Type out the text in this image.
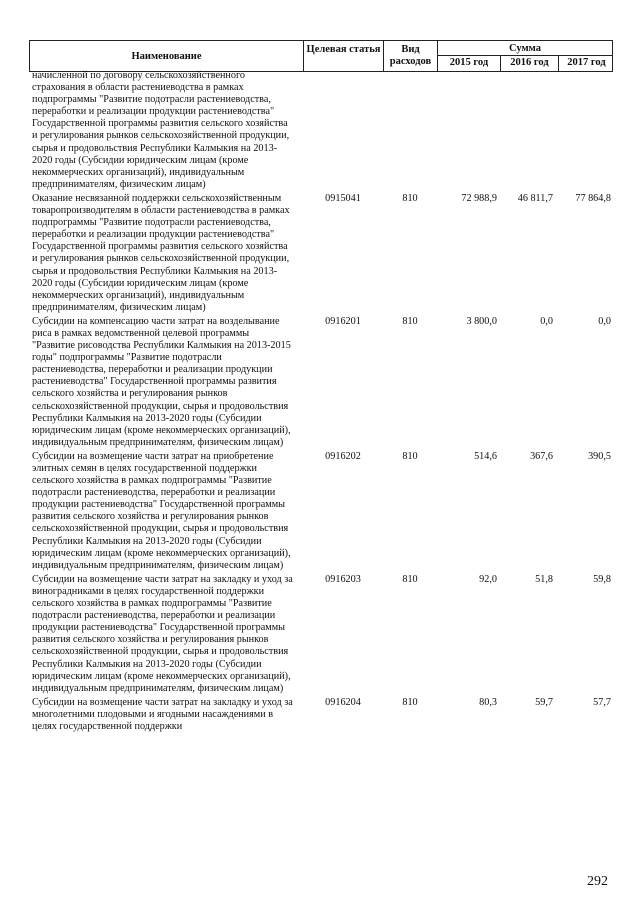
Наименование
Целевая статья	Вид расходов
Сумма
2015 год	2016 год	2017 год
начисленной по договору сельскохозяйственного страхования в области растениеводства в рамках подпрограммы "Развитие подотрасли растениеводства, переработки и реализации продукции растениеводства" Государственной программы развития сельского хозяйства и регулирования рынков сельскохозяйственной продукции, сырья и продовольствия Республики Калмыкия на 2013-2020 годы (Субсидии юридическим лицам (кроме некоммерческих организаций), индивидуальным предпринимателям, физическим лицам)
Оказание несвязанной поддержки сельскохозяйственным товаропроизводителям в области растениеводства в рамках подпрограммы "Развитие подотрасли растениеводства, переработки и реализации продукции растениеводства" Государственной программы развития сельского хозяйства и регулирования рынков сельскохозяйственной продукции, сырья и продовольствия Республики Калмыкия на 2013-2020 годы (Субсидии юридическим лицам (кроме некоммерческих организаций), индивидуальным предпринимателям, физическим лицам)
0915041	810	72 988,9	46 811,7	77 864,8
Субсидии на компенсацию части затрат на возделывание риса в рамках ведомственной целевой программы "Развитие рисоводства Республики Калмыкия на 2013-2015 годы" подпрограммы "Развитие подотрасли растениеводства, переработки и реализации продукции растениеводства" Государственной программы развития сельского хозяйства и регулирования рынков сельскохозяйственной продукции, сырья и продовольствия Республики Калмыкия на 2013-2020 годы (Субсидии юридическим лицам (кроме некоммерческих организаций), индивидуальным предпринимателям, физическим лицам)
0916201	810	3 800,0	0,0	0,0
Субсидии на возмещение части затрат на приобретение элитных семян в целях государственной поддержки сельского хозяйства в рамках подпрограммы "Развитие подотрасли растениеводства, переработки и реализации продукции растениеводства" Государственной программы развития сельского хозяйства и регулирования рынков сельскохозяйственной продукции, сырья и продовольствия Республики Калмыкия на 2013-2020 годы (Субсидии юридическим лицам (кроме некоммерческих организаций), индивидуальным предпринимателям, физическим лицам)
0916202	810	514,6	367,6	390,5
Субсидии на возмещение части затрат на закладку и уход за виноградниками в целях государственной поддержки сельского хозяйства в рамках подпрограммы "Развитие подотрасли растениеводства, переработки и реализации продукции растениеводства" Государственной программы развития сельского хозяйства и регулирования рынков сельскохозяйственной продукции, сырья и продовольствия Республики Калмыкия на 2013-2020 годы (Субсидии юридическим лицам (кроме некоммерческих организаций), индивидуальным предпринимателям, физическим лицам)
0916203	810	92,0	51,8	59,8
Субсидии на возмещение части затрат на закладку и уход за многолетними плодовыми и ягодными насаждениями в целях государственной поддержки
0916204	810	80,3	59,7	57,7
292
